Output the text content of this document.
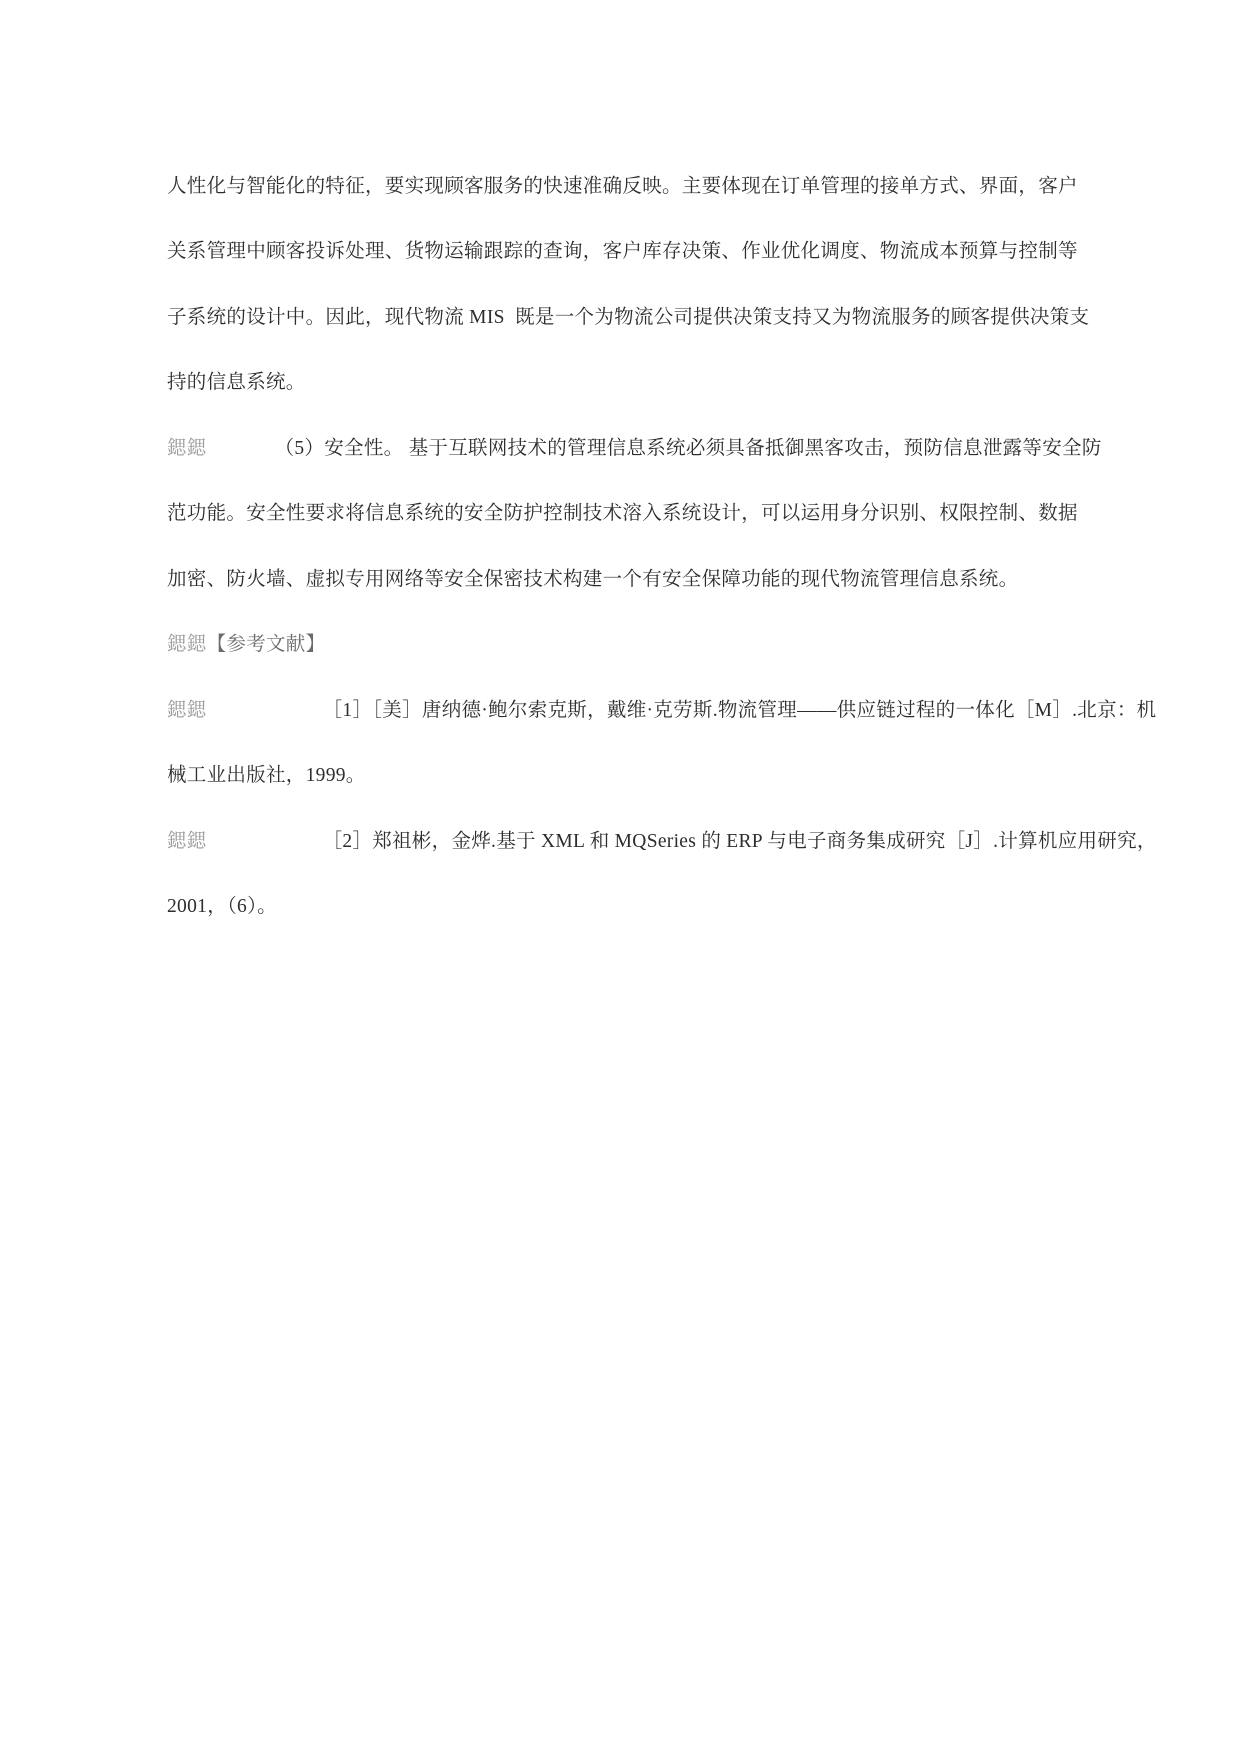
人性化与智能化的特征，要实现顾客服务的快速准确反映。主要体现在订单管理的接单方式、界面，客户
关系管理中顾客投诉处理、货物运输跟踪的查询，客户库存决策、作业优化调度、物流成本预算与控制等
子系统的设计中。因此，现代物流 MIS  既是一个为物流公司提供决策支持又为物流服务的顾客提供决策支
持的信息系统。
鍶鍶	（5）安全性。 基于互联网技术的管理信息系统必须具备抵御黑客攻击，预防信息泄露等安全防
范功能。安全性要求将信息系统的安全防护控制技术溶入系统设计，可以运用身分识别、权限控制、数据
加密、防火墙、虚拟专用网络等安全保密技术构建一个有安全保障功能的现代物流管理信息系统。
鍶鍶 【参考文献】
鍶鍶	［1］［美］唐纳德·鲍尔索克斯，戴维·克劳斯.物流管理——供应链过程的一体化［M］.北京：机
械工业出版社，1999。
鍶鍶	［2］郑祖彬，金烨.基于 XML 和 MQSeries 的 ERP 与电子商务集成研究［J］.计算机应用研究，
2001，（6）。
